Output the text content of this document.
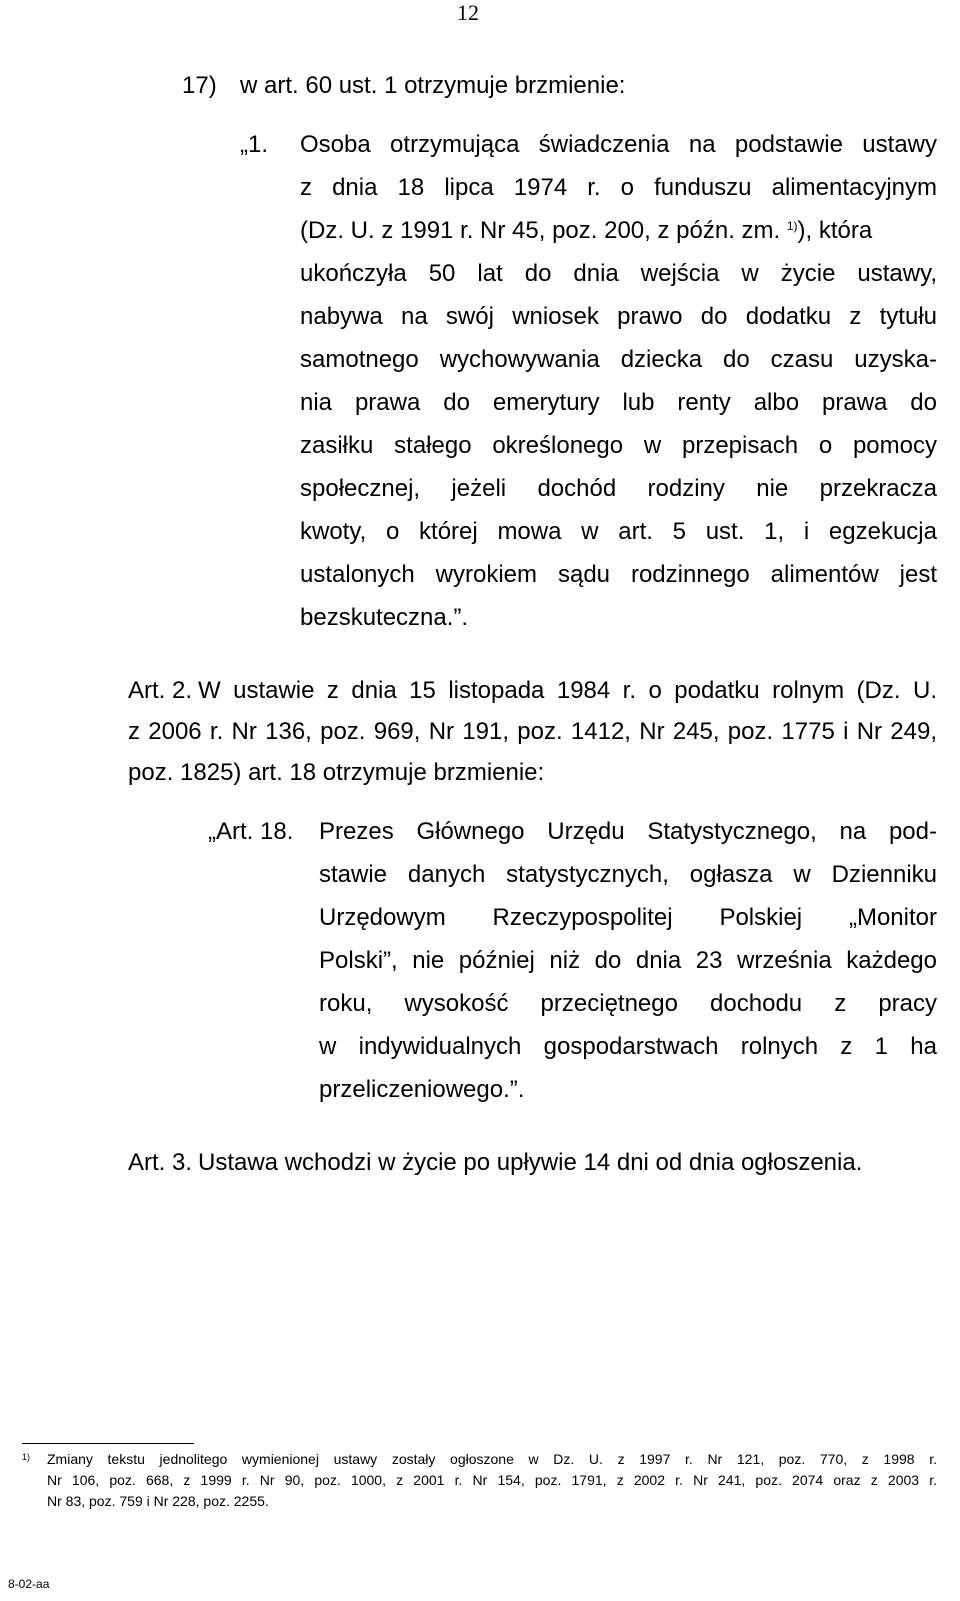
12
17) w art. 60 ust. 1 otrzymuje brzmienie:
„1. Osoba otrzymująca świadczenia na podstawie ustawy
z dnia 18 lipca 1974 r. o funduszu alimentacyjnym
(Dz. U. z 1991 r. Nr 45, poz. 200, z późn. zm. $^{1)}$), która
ukończyła 50 lat do dnia wejścia w życie ustawy,
nabywa na swój wniosek prawo do dodatku z tytułu
samotnego wychowywania dziecka do czasu uzyska-
nia prawa do emerytury lub renty albo prawa do
zasiłku stałego określonego w przepisach o pomocy
społecznej, jeżeli dochód rodziny nie przekracza
kwoty, o której mowa w art. 5 ust. 1, i egzekucja
ustalonych wyrokiem sądu rodzinnego alimentów jest
bezskuteczna.”.
Art. 2. W ustawie z dnia 15 listopada 1984 r. o podatku rolnym (Dz. U.
z 2006 r. Nr 136, poz. 969, Nr 191, poz. 1412, Nr 245, poz. 1775 i Nr 249,
poz. 1825) art. 18 otrzymuje brzmienie:
„Art. 18. Prezes Głównego Urzędu Statystycznego, na pod-
stawie danych statystycznych, ogłasza w Dzienniku
Urzędowym Rzeczypospolitej Polskiej „Monitor
Polski”, nie później niż do dnia 23 września każdego
roku, wysokość przeciętnego dochodu z pracy
w indywidualnych gospodarstwach rolnych z 1 ha
przeliczeniowego.”.
Art. 3. Ustawa wchodzi w życie po upływie 14 dni od dnia ogłoszenia.
$^{1)}$ Zmiany tekstu jednolitego wymienionej ustawy zostały ogłoszone w Dz. U. z 1997 r. Nr 121, poz. 770, z 1998 r.
Nr 106, poz. 668, z 1999 r. Nr 90, poz. 1000, z 2001 r. Nr 154, poz. 1791, z 2002 r. Nr 241, poz. 2074 oraz z 2003 r.
Nr 83, poz. 759 i Nr 228, poz. 2255.
8-02-aa
